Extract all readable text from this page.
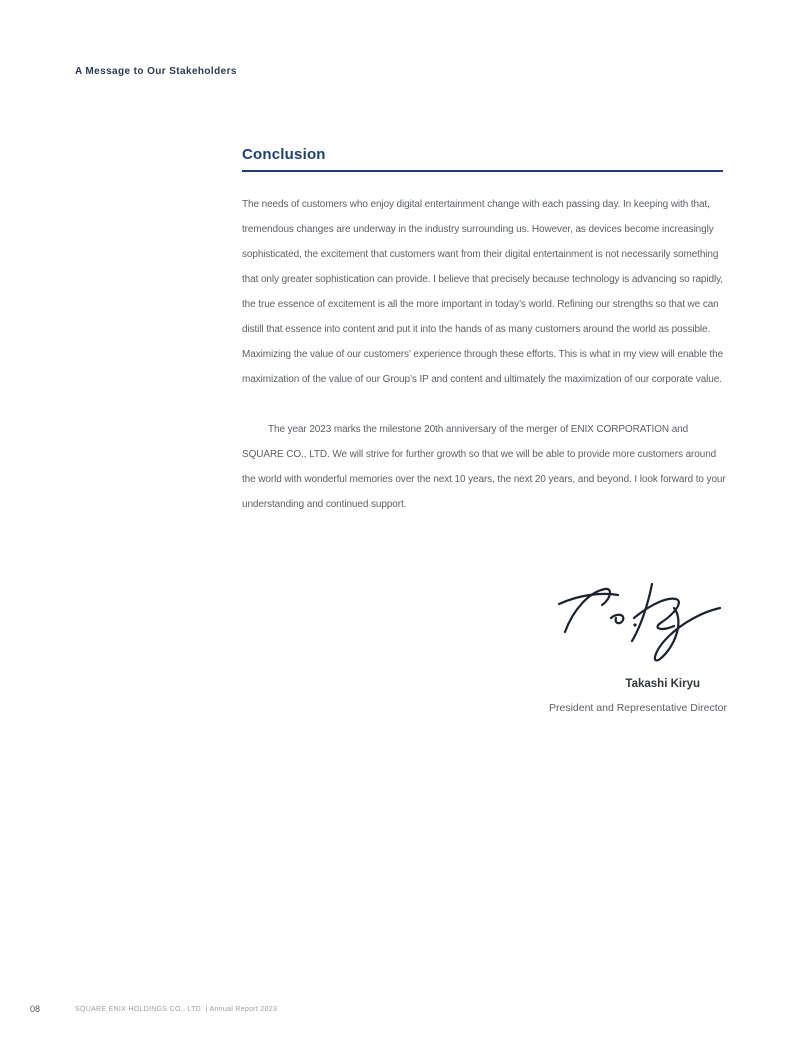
A Message to Our Stakeholders
Conclusion

The needs of customers who enjoy digital entertainment change with each passing day. In keeping with that, tremendous changes are underway in the industry surrounding us. However, as devices become increasingly sophisticated, the excitement that customers want from their digital entertainment is not necessarily something that only greater sophistication can provide. I believe that precisely because technology is advancing so rapidly, the true essence of excitement is all the more important in today’s world. Refining our strengths so that we can distill that essence into content and put it into the hands of as many customers around the world as possible. Maximizing the value of our customers’ experience through these efforts. This is what in my view will enable the maximization of the value of our Group’s IP and content and ultimately the maximization of our corporate value.

The year 2023 marks the milestone 20th anniversary of the merger of ENIX CORPORATION and SQUARE CO., LTD. We will strive for further growth so that we will be able to provide more customers around the world with wonderful memories over the next 10 years, the next 20 years, and beyond. I look forward to your understanding and continued support.

Takashi Kiryu
President and Representative Director
08	SQUARE ENIX HOLDINGS CO., LTD. | Annual Report 2023
